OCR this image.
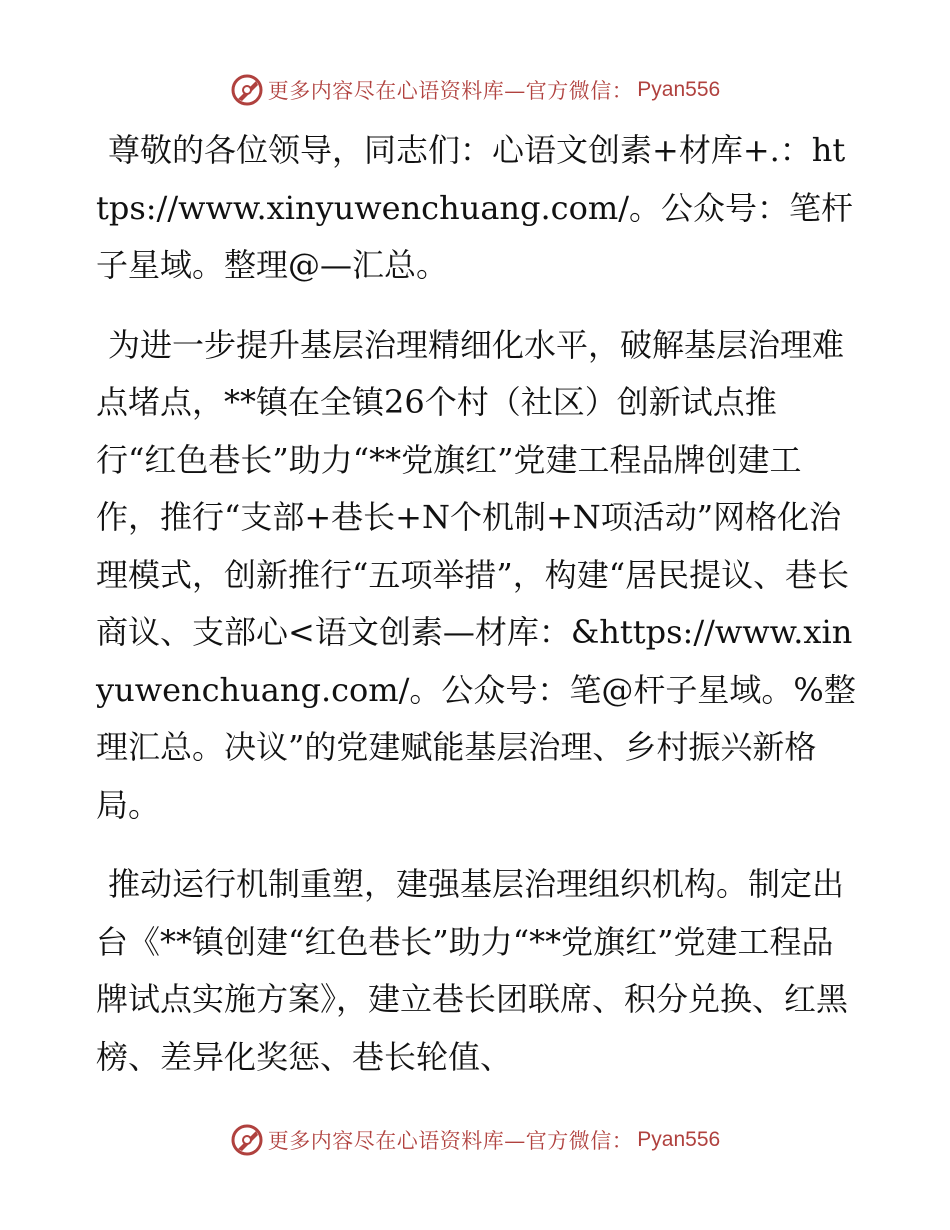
更多内容尽在心语资料库—官方微信： Pyan556

尊敬的各位领导，同志们：心语文创素+材库+.：https://www.xinyuwenchuang.com/。公众号：笔杆子星域。整理@—汇总。

为进一步提升基层治理精细化水平，破解基层治理难点堵点，**镇在全镇26个村（社区）创新试点推行“红色巷长”助力“**党旗红”党建工程品牌创建工作，推行“支部+巷长+N个机制+N项活动”网格化治理模式，创新推行“五项举措”，构建“居民提议、巷长商议、支部心<语文创素—材库：&https://www.xinyuwenchuang.com/。公众号：笔@杆子星域。%整理汇总。决议”的党建赋能基层治理、乡村振兴新格局。

推动运行机制重塑，建强基层治理组织机构。制定出台《**镇创建“红色巷长”助力“**党旗红”党建工程品牌试点实施方案》，建立巷长团联席、积分兑换、红黑榜、差异化奖惩、巷长轮值、

更多内容尽在心语资料库—官方微信： Pyan556
